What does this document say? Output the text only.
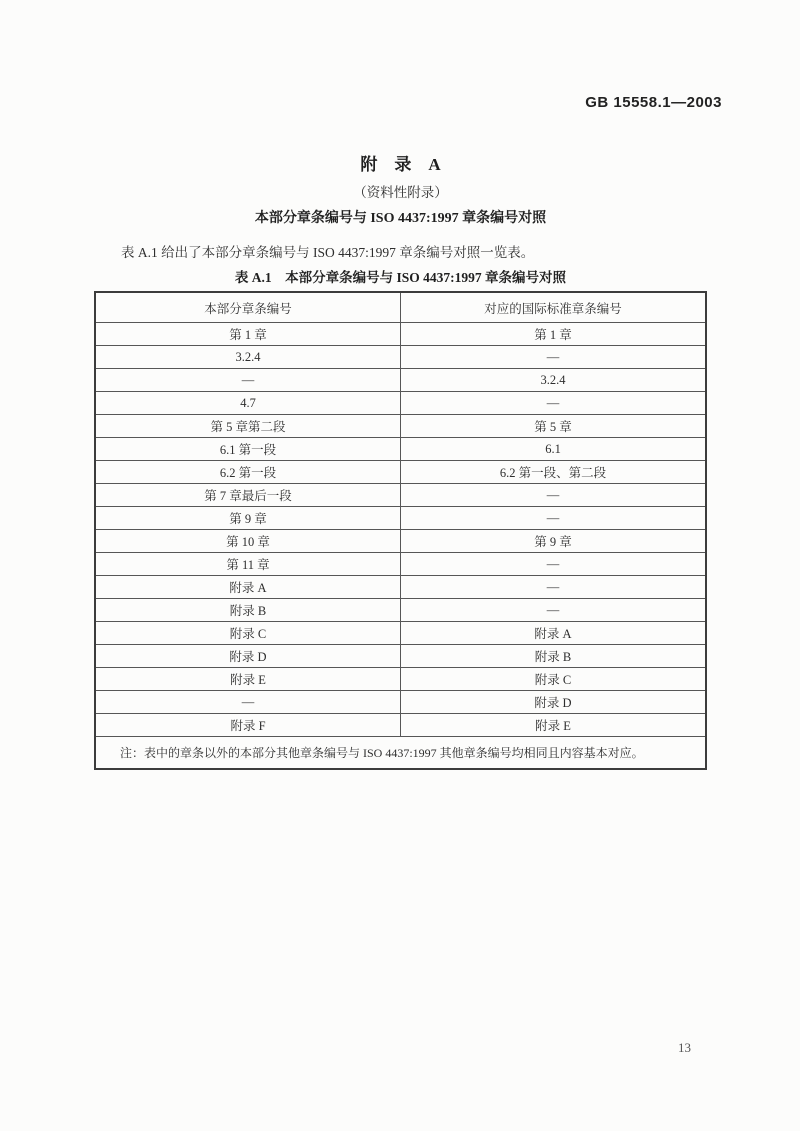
GB 15558.1—2003
附　录　A
（资料性附录）
本部分章条编号与 ISO 4437:1997 章条编号对照

表 A.1 给出了本部分章条编号与 ISO 4437:1997 章条编号对照一览表。

表 A.1　本部分章条编号与 ISO 4437:1997 章条编号对照
本部分章条编号	对应的国际标准章条编号
第 1 章	第 1 章
3.2.4	—
—	3.2.4
4.7	—
第 5 章第二段	第 5 章
6.1 第一段	6.1
6.2 第一段	6.2 第一段、第二段
第 7 章最后一段	—
第 9 章	—
第 10 章	第 9 章
第 11 章	—
附录 A	—
附录 B	—
附录 C	附录 A
附录 D	附录 B
附录 E	附录 C
—	附录 D
附录 F	附录 E
注：表中的章条以外的本部分其他章条编号与 ISO 4437:1997 其他章条编号均相同且内容基本对应。	
13
